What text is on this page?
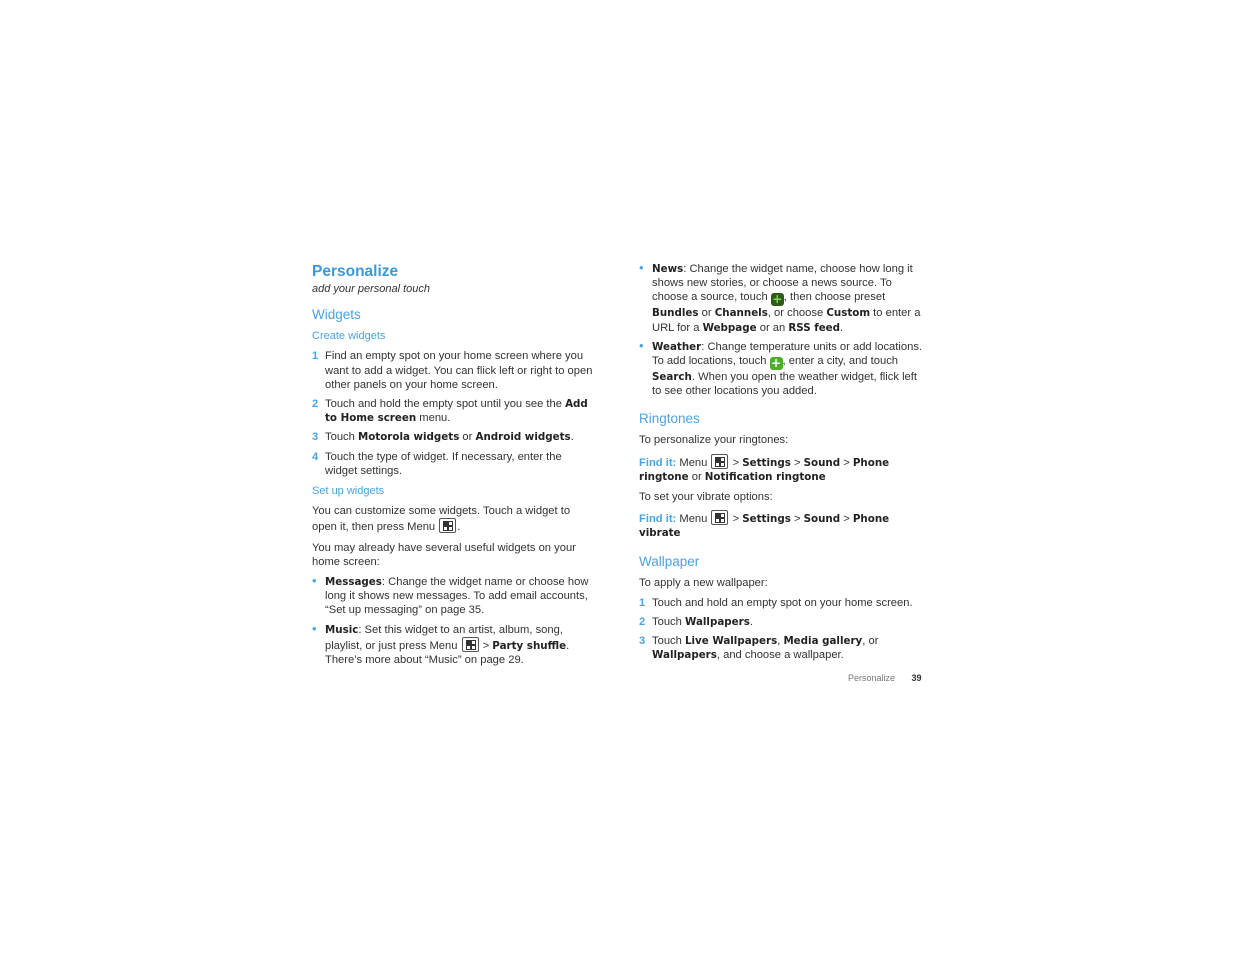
Personalize
add your personal touch
Widgets
Create widgets
1 Find an empty spot on your home screen where you want to add a widget. You can flick left or right to open other panels on your home screen.
2 Touch and hold the empty spot until you see the Add to Home screen menu.
3 Touch Motorola widgets or Android widgets.
4 Touch the type of widget. If necessary, enter the widget settings.
Set up widgets

You can customize some widgets. Touch a widget to open it, then press Menu
.

You may already have several useful widgets on your home screen:

• Messages: Change the widget name or choose how long it shows new messages. To add email accounts, “Set up messaging” on page 35.
• Music: Set this widget to an artist, album, song, playlist, or just press Menu
> Party shuffle. There’s more about “Music” on page 29.
• News: Change the widget name, choose how long it shows new stories, or choose a news source. To choose a source, touch +, then choose preset Bundles or Channels, or choose Custom to enter a URL for a Webpage or an RSS feed.
• Weather: Change temperature units or add locations. To add locations, touch +, enter a city, and touch Search. When you open the weather widget, flick left to see other locations you added.
Ringtones

To personalize your ringtones:

Find it: Menu
> Settings > Sound > Phone ringtone or Notification ringtone

To set your vibrate options:

Find it: Menu
> Settings > Sound > Phone vibrate

Wallpaper

To apply a new wallpaper:

1 Touch and hold an empty spot on your home screen.
2 Touch Wallpapers.
3 Touch Live Wallpapers, Media gallery, or Wallpapers, and choose a wallpaper.
Personalize 39
